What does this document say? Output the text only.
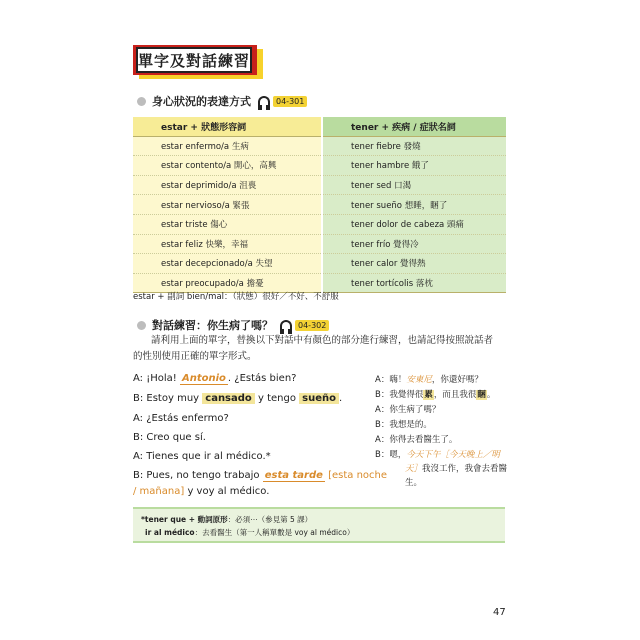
單字及對話練習
身心狀況的表達方式	04-301
estar + 狀態形容詞	tener + 疾病 / 症狀名詞
estar enfermo/a 生病	tener fiebre 發燒
estar contento/a 開心，高興	tener hambre 餓了
estar deprimido/a 沮喪	tener sed 口渴
estar nervioso/a 緊張	tener sueño 想睡，睏了
estar triste 傷心	tener dolor de cabeza 頭痛
estar feliz 快樂，幸福	tener frío 覺得冷
estar decepcionado/a 失望	tener calor 覺得熱
estar preocupado/a 擔憂	tener tortícolis 落枕
estar + 副詞 bien/mal：（狀態）很好／不好、不舒服
對話練習：你生病了嗎？	04-302
請利用上面的單字，替換以下對話中有顏色的部分進行練習，也請記得按照說話者
的性別使用正確的單字形式。
A: ¡Hola! Antonio . ¿Estás bien?
B: Estoy muy cansado y tengo sueño .
A: ¿Estás enfermo?
B: Creo que sí.
A: Tienes que ir al médico.*
B: Pues, no tengo trabajo esta tarde [esta noche
/ mañana] y voy al médico.
A：嗨！安東尼，你還好嗎？
B：我覺得很累，而且我很睏。
A：你生病了嗎？
B：我想是的。
A：你得去看醫生了。
B：嗯，今天下午［今天晚上／明
天］我沒工作，我會去看醫
生。
*tener que + 動詞原形：必須⋯（參見第 5 課）
ir al médico：去看醫生（第一人稱單數是 voy al médico）
47
